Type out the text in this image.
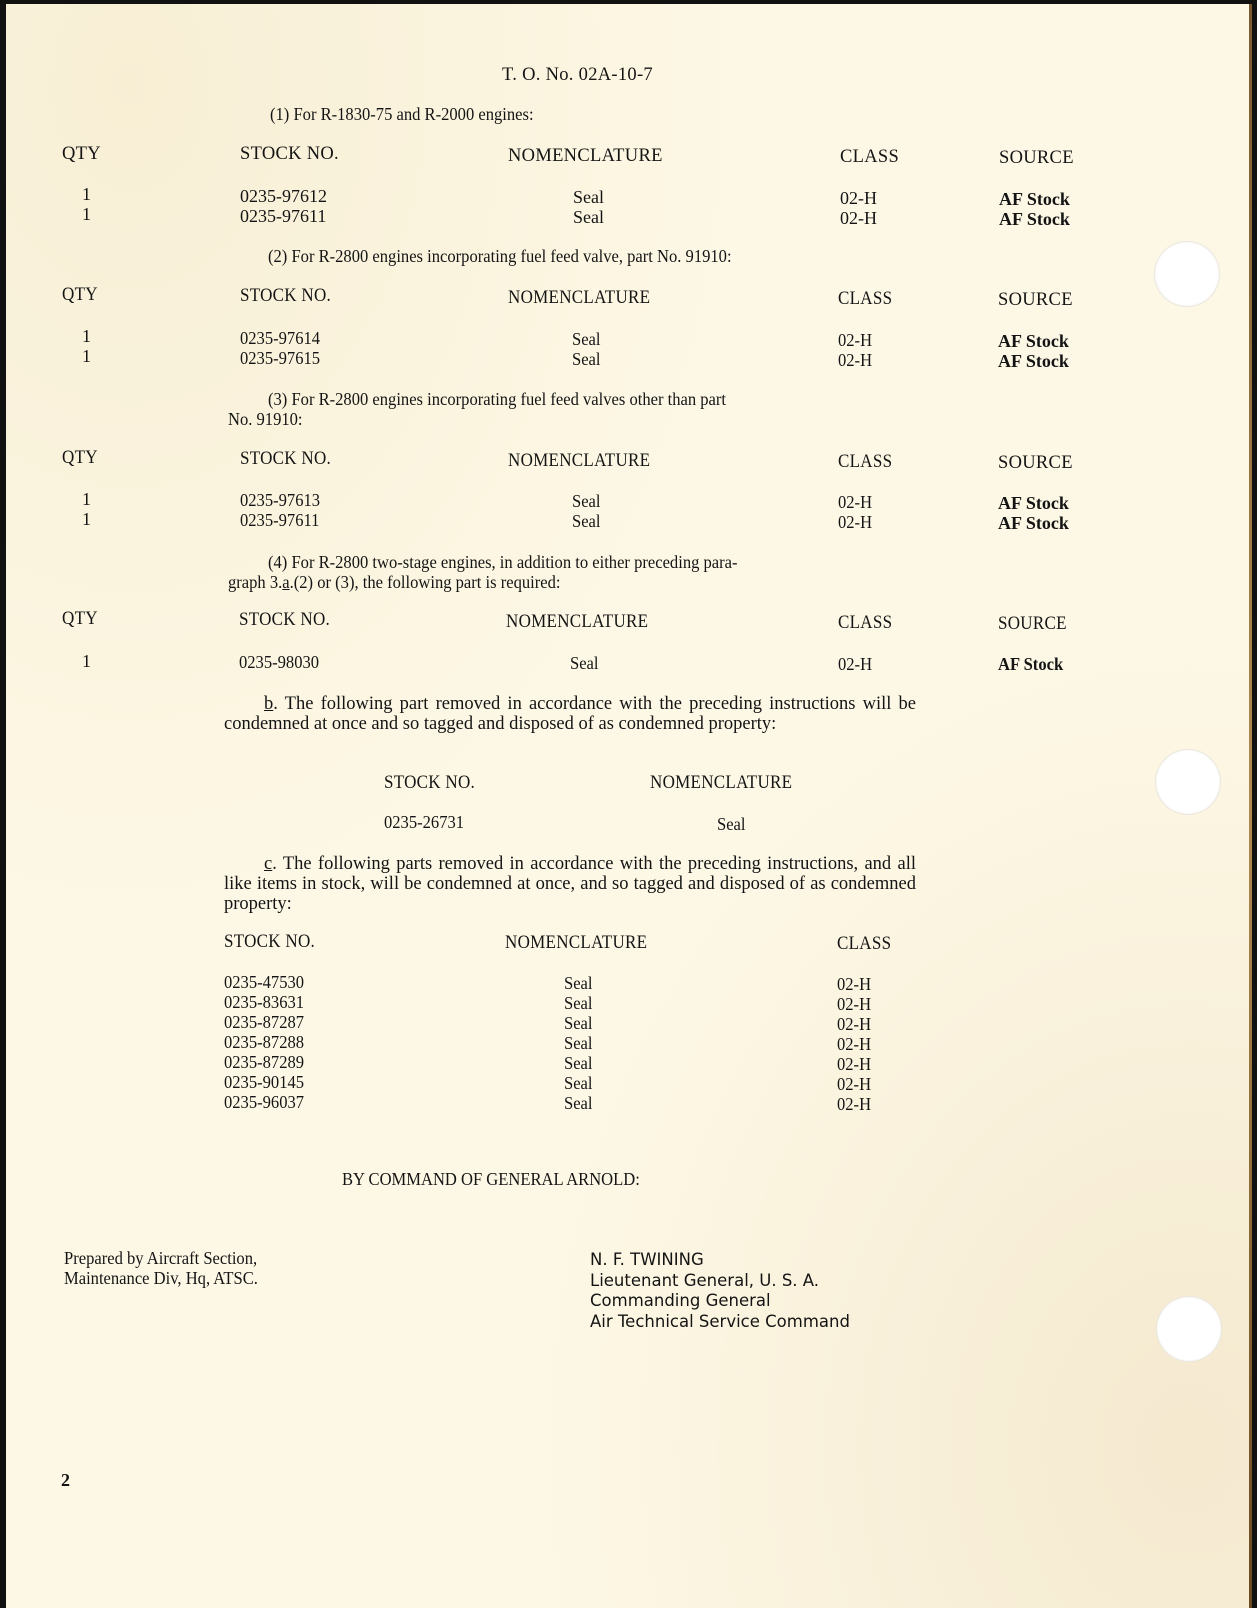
T. O. No. 02A-10-7
(1) For R-1830-75 and R-2000 engines:
QTY	STOCK NO.	NOMENCLATURE	CLASS	SOURCE
1	0235-97612	Seal	02-H	AF Stock
1	0235-97611	Seal	02-H	AF Stock
(2) For R-2800 engines incorporating fuel feed valve, part No. 91910:
QTY	STOCK NO.	NOMENCLATURE	CLASS	SOURCE
1	0235-97614	Seal	02-H	AF Stock
1	0235-97615	Seal	02-H	AF Stock
(3) For R-2800 engines incorporating fuel feed valves other than part
No. 91910:
QTY	STOCK NO.	NOMENCLATURE	CLASS	SOURCE
1	0235-97613	Seal	02-H	AF Stock
1	0235-97611	Seal	02-H	AF Stock
(4) For R-2800 two-stage engines, in addition to either preceding para-
graph 3.a.(2) or (3), the following part is required:
QTY	STOCK NO.	NOMENCLATURE	CLASS	SOURCE
1	0235-98030	Seal	02-H	AF Stock
b. The following part removed in accordance with the preceding instructions will be condemned at once and so tagged and disposed of as condemned property:
STOCK NO.	NOMENCLATURE
0235-26731	Seal
c. The following parts removed in accordance with the preceding instructions, and all like items in stock, will be condemned at once, and so tagged and disposed of as condemned property:
STOCK NO.	NOMENCLATURE	CLASS
0235-47530	Seal	02-H
0235-83631	Seal	02-H
0235-87287	Seal	02-H
0235-87288	Seal	02-H
0235-87289	Seal	02-H
0235-90145	Seal	02-H
0235-96037	Seal	02-H
BY COMMAND OF GENERAL ARNOLD:
Prepared by Aircraft Section,
Maintenance Div, Hq, ATSC.
N. F. TWINING
Lieutenant General, U. S. A.
Commanding General
Air Technical Service Command
2
